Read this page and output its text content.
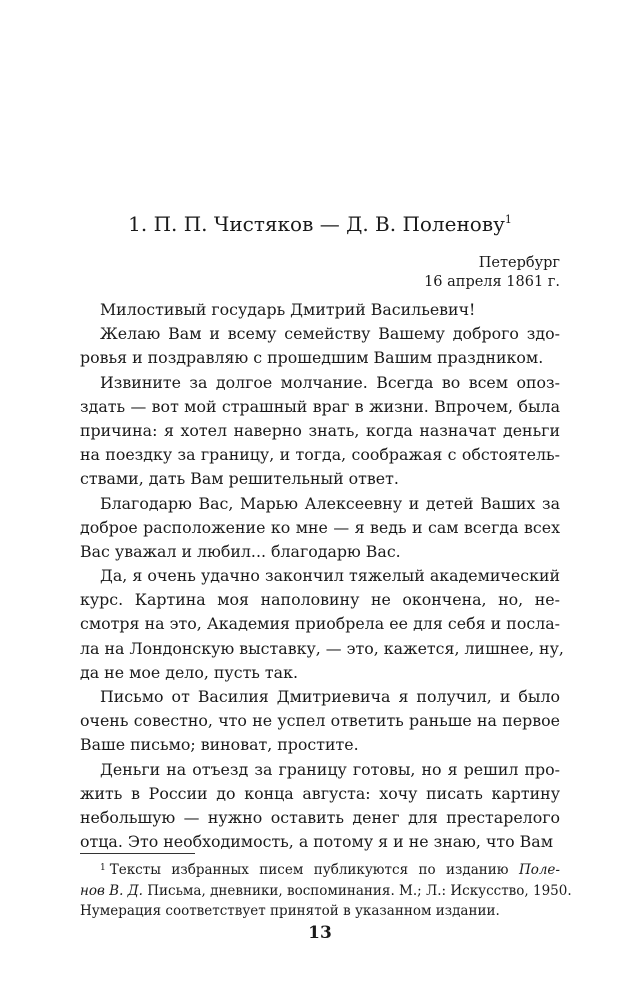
1. П. П. Чистяков — Д. В. Поленову$^1$
Петербург
16 апреля 1861 г.
Милостивый государь Дмитрий Васильевич!
Желаю Вам и всему семейству Вашему доброго здо-
ровья и поздравляю с прошедшим Вашим праздником.
Извините за долгое молчание. Всегда во всем опоз-
здать — вот мой страшный враг в жизни. Впрочем, была
причина: я хотел наверно знать, когда назначат деньги
на поездку за границу, и тогда, соображая с обстоятель-
ствами, дать Вам решительный ответ.
Благодарю Вас, Марью Алексеевну и детей Ваших за
доброе расположение ко мне — я ведь и сам всегда всех
Вас уважал и любил... благодарю Вас.
Да, я очень удачно закончил тяжелый академический
курс. Картина моя наполовину не окончена, но, не-
смотря на это, Академия приобрела ее для себя и посла-
ла на Лондонскую выставку, — это, кажется, лишнее, ну,
да не мое дело, пусть так.
Письмо от Василия Дмитриевича я получил, и было
очень совестно, что не успел ответить раньше на первое
Ваше письмо; виноват, простите.
Деньги на отъезд за границу готовы, но я решил про-
жить в России до конца августа: хочу писать картину
небольшую — нужно оставить денег для престарелого
отца. Это необходимость, а потому я и не знаю, что Вам
$^1$ Тексты избранных писем публикуются по изданию Поле-
нов В. Д. Письма, дневники, воспоминания. М.; Л.: Искусство, 1950.
Нумерация соответствует принятой в указанном издании.
13
